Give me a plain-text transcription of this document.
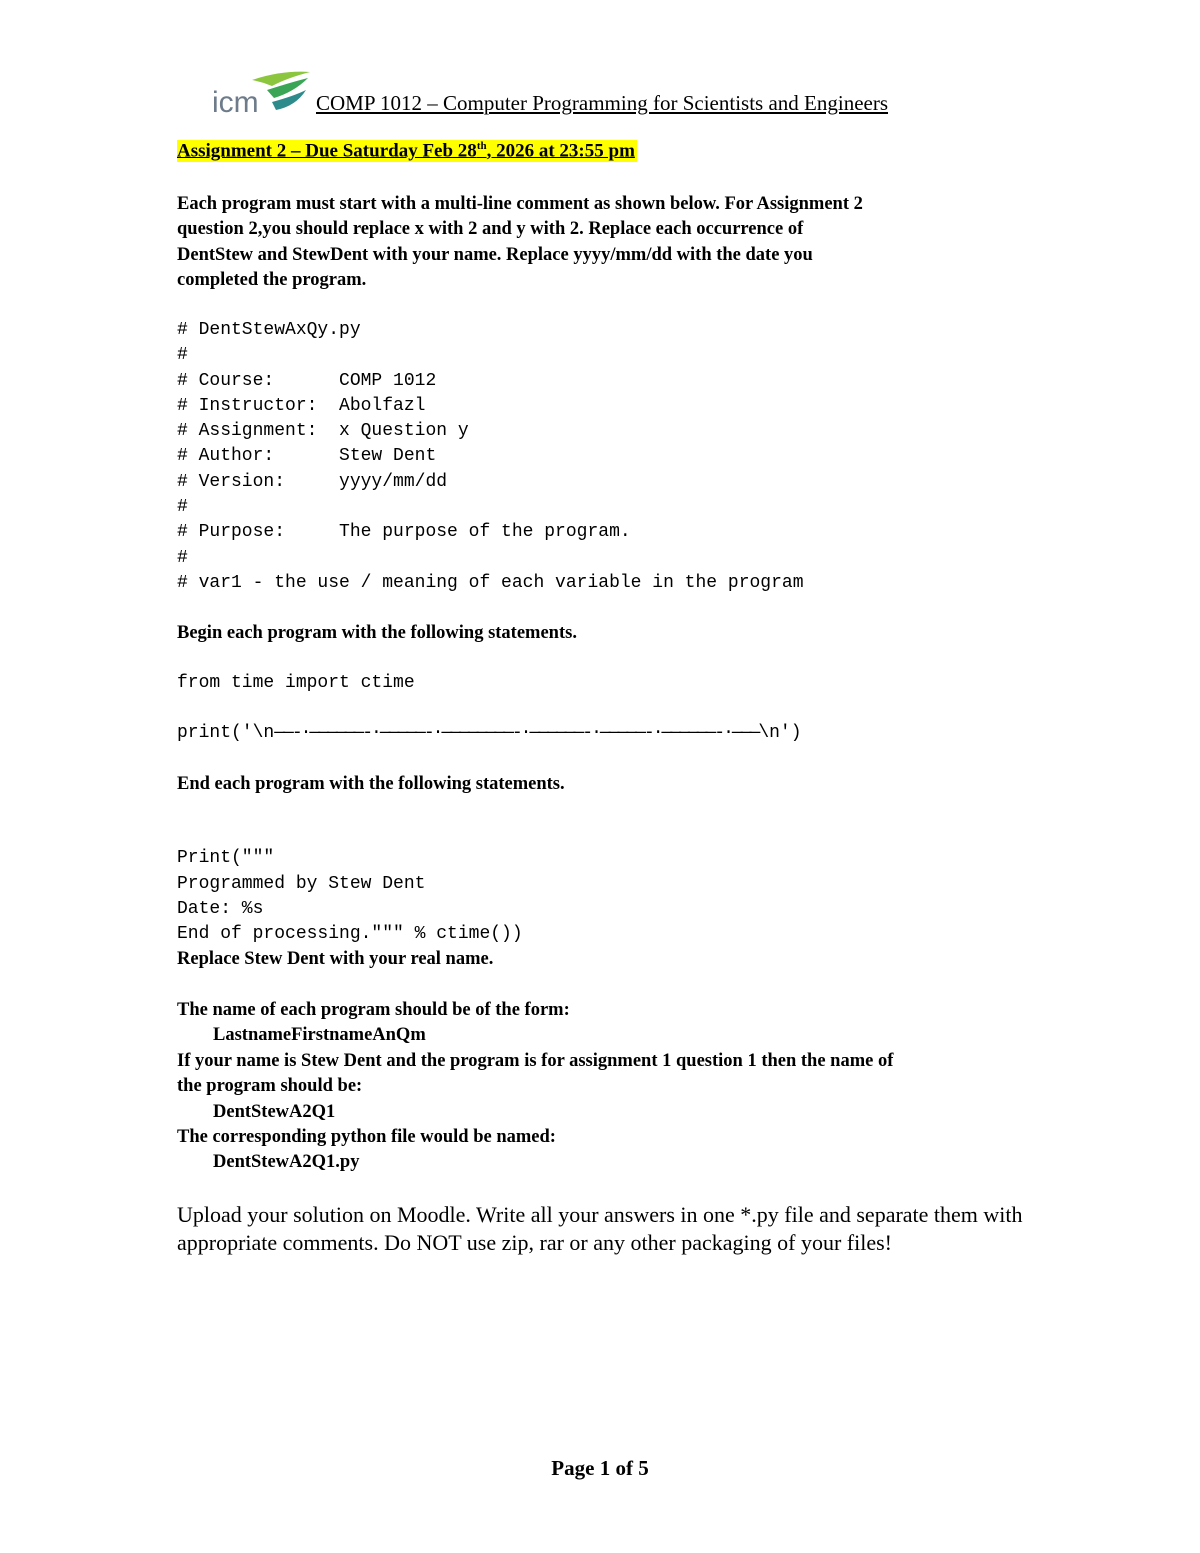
icm	COMP 1012 – Computer Programming for Scientists and Engineers
Assignment 2 – Due Saturday Feb 28th, 2026 at 23:55 pm
Each program must start with a multi-line comment as shown below. For Assignment 2
question 2,you should replace x with 2 and y with 2. Replace each occurrence of
DentStew and StewDent with your name. Replace yyyy/mm/dd with the date you
completed the program.
# DentStewAxQy.py
#
# Course:      COMP 1012
# Instructor:  Abolfazl
# Assignment:  x Question y
# Author:      Stew Dent
# Version:     yyyy/mm/dd
#
# Purpose:     The purpose of the program.
#
# var1 - the use / meaning of each variable in the program
Begin each program with the following statements.
from time import ctime
print('\n——-·——————-·—————-·————————-·——————-·—————-·——————-·———\n')
End each program with the following statements.

Print("""
Programmed by Stew Dent
Date: %s
End of processing.""" % ctime())
Replace Stew Dent with your real name.
The name of each program should be of the form:
LastnameFirstnameAnQm
If your name is Stew Dent and the program is for assignment 1 question 1 then the name of
the program should be:
DentStewA2Q1
The corresponding python file would be named:
DentStewA2Q1.py
Upload your solution on Moodle. Write all your answers in one *.py file and separate them with appropriate comments. Do NOT use zip, rar or any other packaging of your files!
Page 1 of 5
